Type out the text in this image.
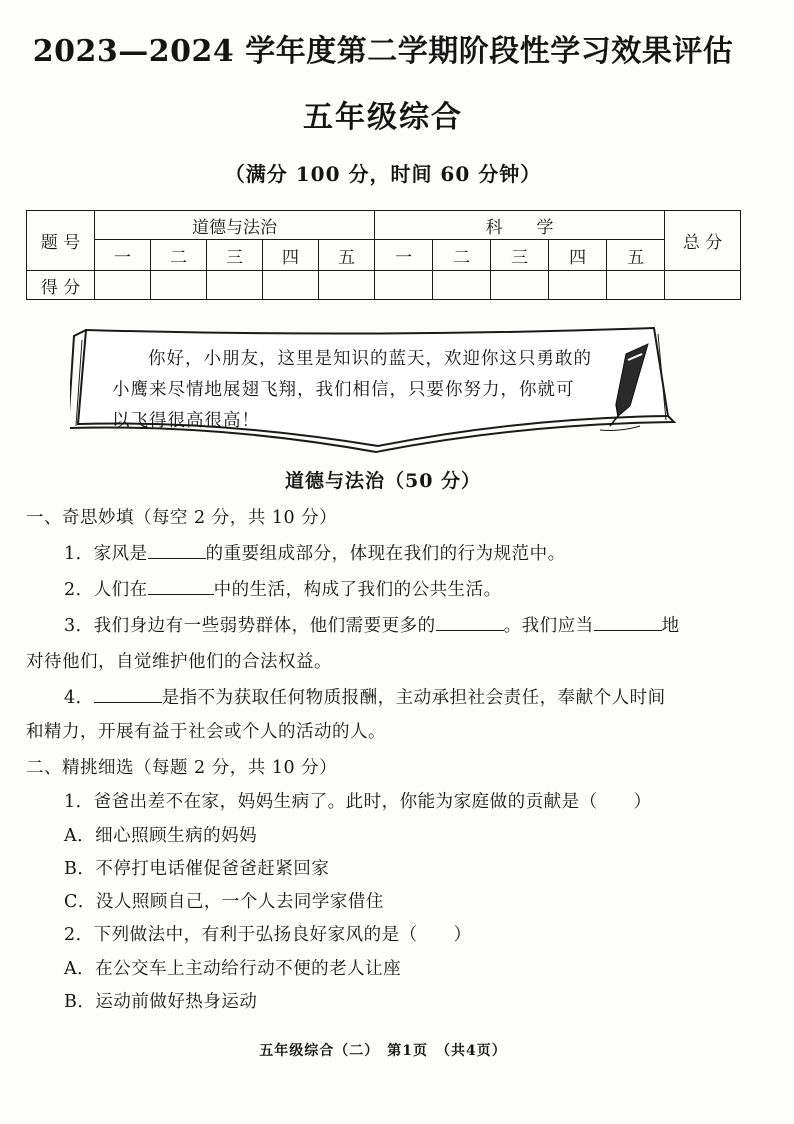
2023—2024 学年度第二学期阶段性学习效果评估
五年级综合
（满分 100 分，时间 60 分钟）
题 号	道德与法治					科　　学					总 分
	一	二	三	四	五	一	二	三	四	五	
得 分											
你好，小朋友，这里是知识的蓝天，欢迎你这只勇敢的
小鹰来尽情地展翅飞翔，我们相信，只要你努力，你就可
以飞得很高很高！
道德与法治（50 分）
一、奇思妙填（每空 2 分，共 10 分）
1．家风是	的重要组成部分，体现在我们的行为规范中。
2．人们在	中的生活，构成了我们的公共生活。
3．我们身边有一些弱势群体，他们需要更多的	。我们应当	地
对待他们，自觉维护他们的合法权益。
4．	是指不为获取任何物质报酬，主动承担社会责任，奉献个人时间
和精力，开展有益于社会或个人的活动的人。
二、精挑细选（每题 2 分，共 10 分）
1．爸爸出差不在家，妈妈生病了。此时，你能为家庭做的贡献是（　　）
A．细心照顾生病的妈妈
B．不停打电话催促爸爸赶紧回家
C．没人照顾自己，一个人去同学家借住
2．下列做法中，有利于弘扬良好家风的是（　　）
A．在公交车上主动给行动不便的老人让座
B．运动前做好热身运动
五年级综合（二）　第1页　（共4页）
